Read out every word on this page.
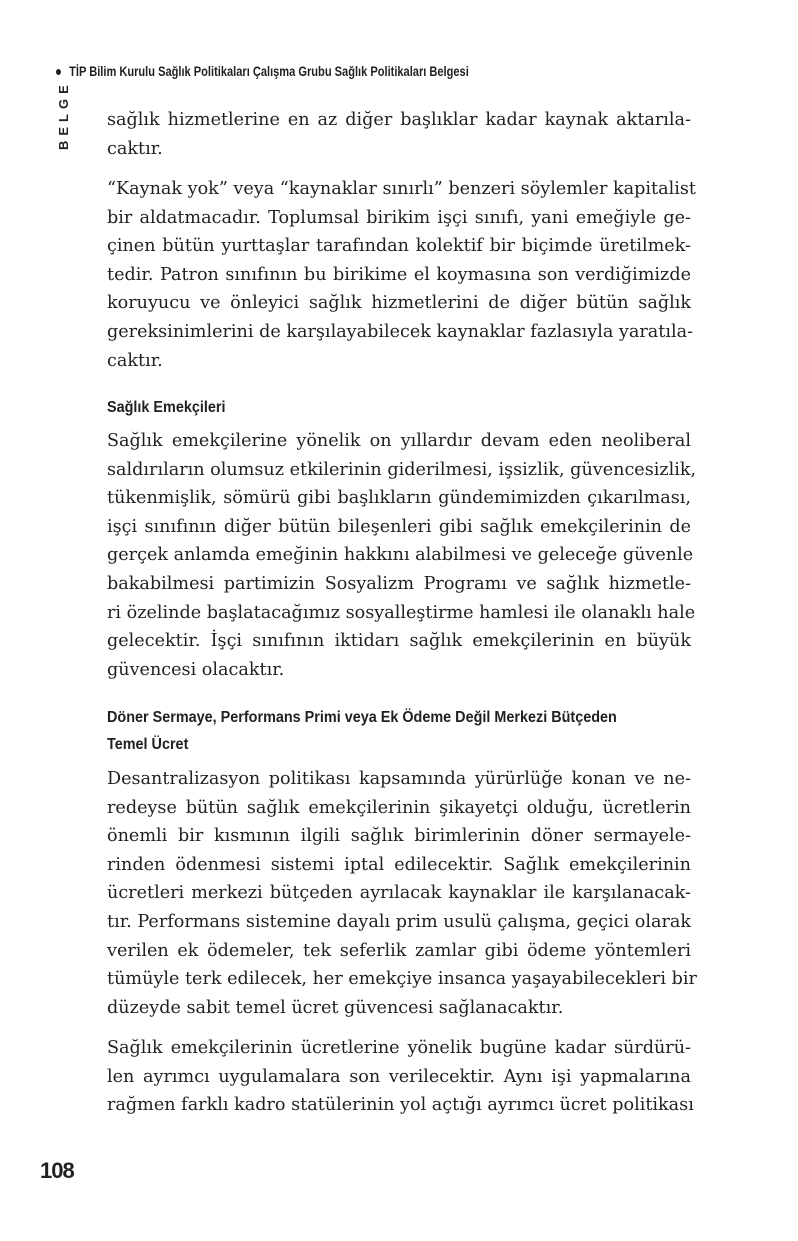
TİP Bilim Kurulu Sağlık Politikaları Çalışma Grubu Sağlık Politikaları Belgesi
BELGE sağlık hizmetlerine en az diğer başlıklar kadar kaynak aktarıla-
caktır.
“Kaynak yok” veya “kaynaklar sınırlı” benzeri söylemler kapitalist
bir aldatmacadır. Toplumsal birikim işçi sınıfı, yani emeğiyle ge-
çinen bütün yurttaşlar tarafından kolektif bir biçimde üretilmek-
tedir. Patron sınıfının bu birikime el koymasına son verdiğimizde
koruyucu ve önleyici sağlık hizmetlerini de diğer bütün sağlık
gereksinimlerini de karşılayabilecek kaynaklar fazlasıyla yaratıla-
caktır.
Sağlık Emekçileri
Sağlık emekçilerine yönelik on yıllardır devam eden neoliberal
saldırıların olumsuz etkilerinin giderilmesi, işsizlik, güvencesizlik,
tükenmişlik, sömürü gibi başlıkların gündemimizden çıkarılması,
işçi sınıfının diğer bütün bileşenleri gibi sağlık emekçilerinin de
gerçek anlamda emeğinin hakkını alabilmesi ve geleceğe güvenle
bakabilmesi partimizin Sosyalizm Programı ve sağlık hizmetle-
ri özelinde başlatacağımız sosyalleştirme hamlesi ile olanaklı hale
gelecektir. İşçi sınıfının iktidarı sağlık emekçilerinin en büyük
güvencesi olacaktır.
Döner Sermaye, Performans Primi veya Ek Ödeme Değil Merkezi Bütçeden
Temel Ücret
Desantralizasyon politikası kapsamında yürürlüğe konan ve ne-
redeyse bütün sağlık emekçilerinin şikayetçi olduğu, ücretlerin
önemli bir kısmının ilgili sağlık birimlerinin döner sermayele-
rinden ödenmesi sistemi iptal edilecektir. Sağlık emekçilerinin
ücretleri merkezi bütçeden ayrılacak kaynaklar ile karşılanacak-
tır. Performans sistemine dayalı prim usulü çalışma, geçici olarak
verilen ek ödemeler, tek seferlik zamlar gibi ödeme yöntemleri
tümüyle terk edilecek, her emekçiye insanca yaşayabilecekleri bir
düzeyde sabit temel ücret güvencesi sağlanacaktır.
Sağlık emekçilerinin ücretlerine yönelik bugüne kadar sürdürü-
len ayrımcı uygulamalara son verilecektir. Aynı işi yapmalarına
rağmen farklı kadro statülerinin yol açtığı ayrımcı ücret politikası
108
